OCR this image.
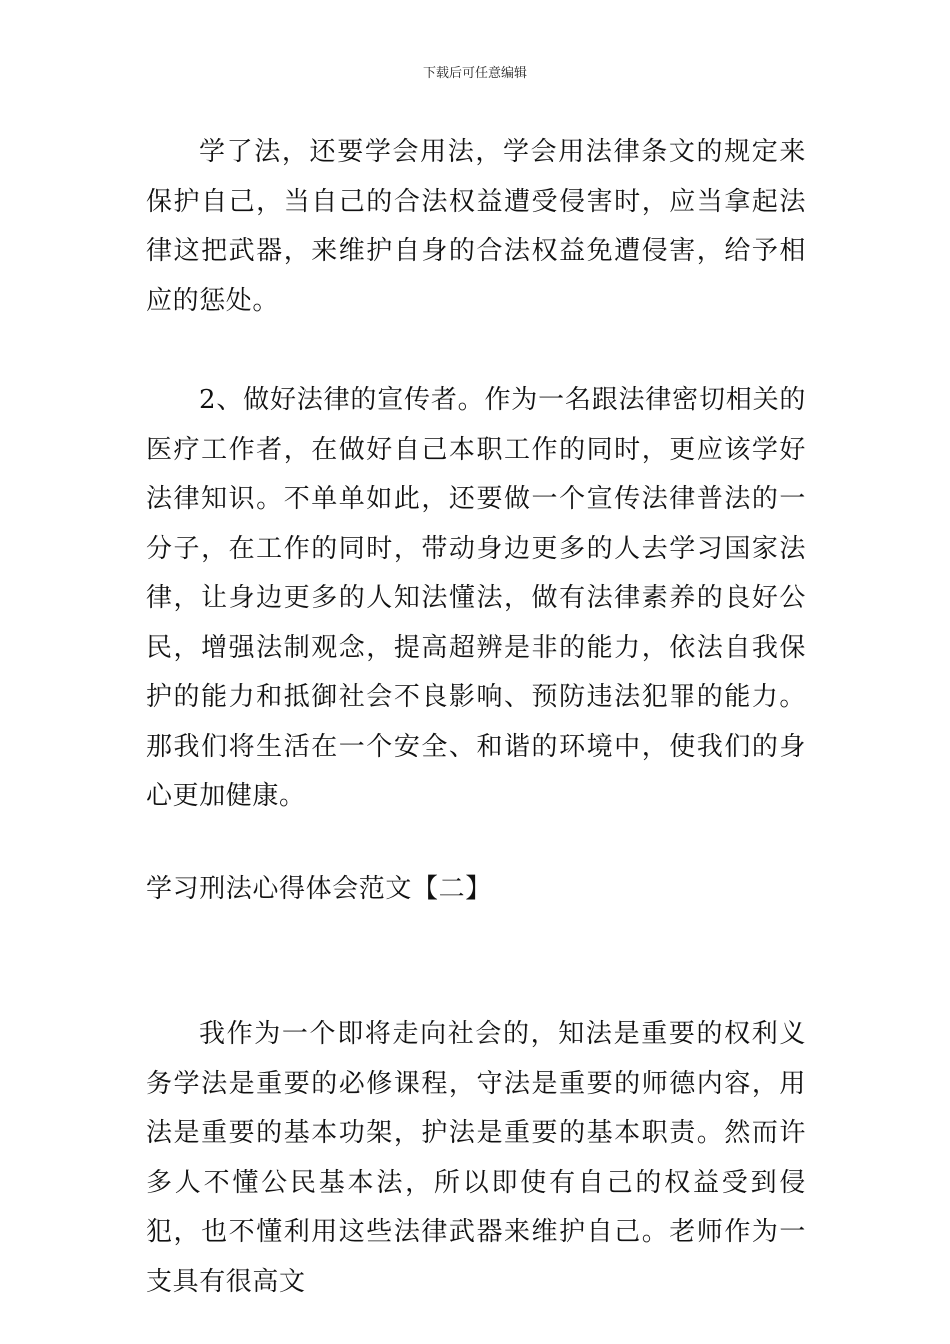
下载后可任意编辑

学了法，还要学会用法，学会用法律条文的规定来保护自己，当自己的合法权益遭受侵害时，应当拿起法律这把武器，来维护自身的合法权益免遭侵害，给予相应的惩处。

2、做好法律的宣传者。作为一名跟法律密切相关的医疗工作者，在做好自己本职工作的同时，更应该学好法律知识。不单单如此，还要做一个宣传法律普法的一分子，在工作的同时，带动身边更多的人去学习国家法律，让身边更多的人知法懂法，做有法律素养的良好公民，增强法制观念，提高超辨是非的能力，依法自我保护的能力和抵御社会不良影响、预防违法犯罪的能力。那我们将生活在一个安全、和谐的环境中，使我们的身心更加健康。

学习刑法心得体会范文【二】

我作为一个即将走向社会的，知法是重要的权利义务学法是重要的必修课程，守法是重要的师德内容，用法是重要的基本功架，护法是重要的基本职责。然而许多人不懂公民基本法，所以即使有自己的权益受到侵犯，也不懂利用这些法律武器来维护自己。老师作为一支具有很高文
